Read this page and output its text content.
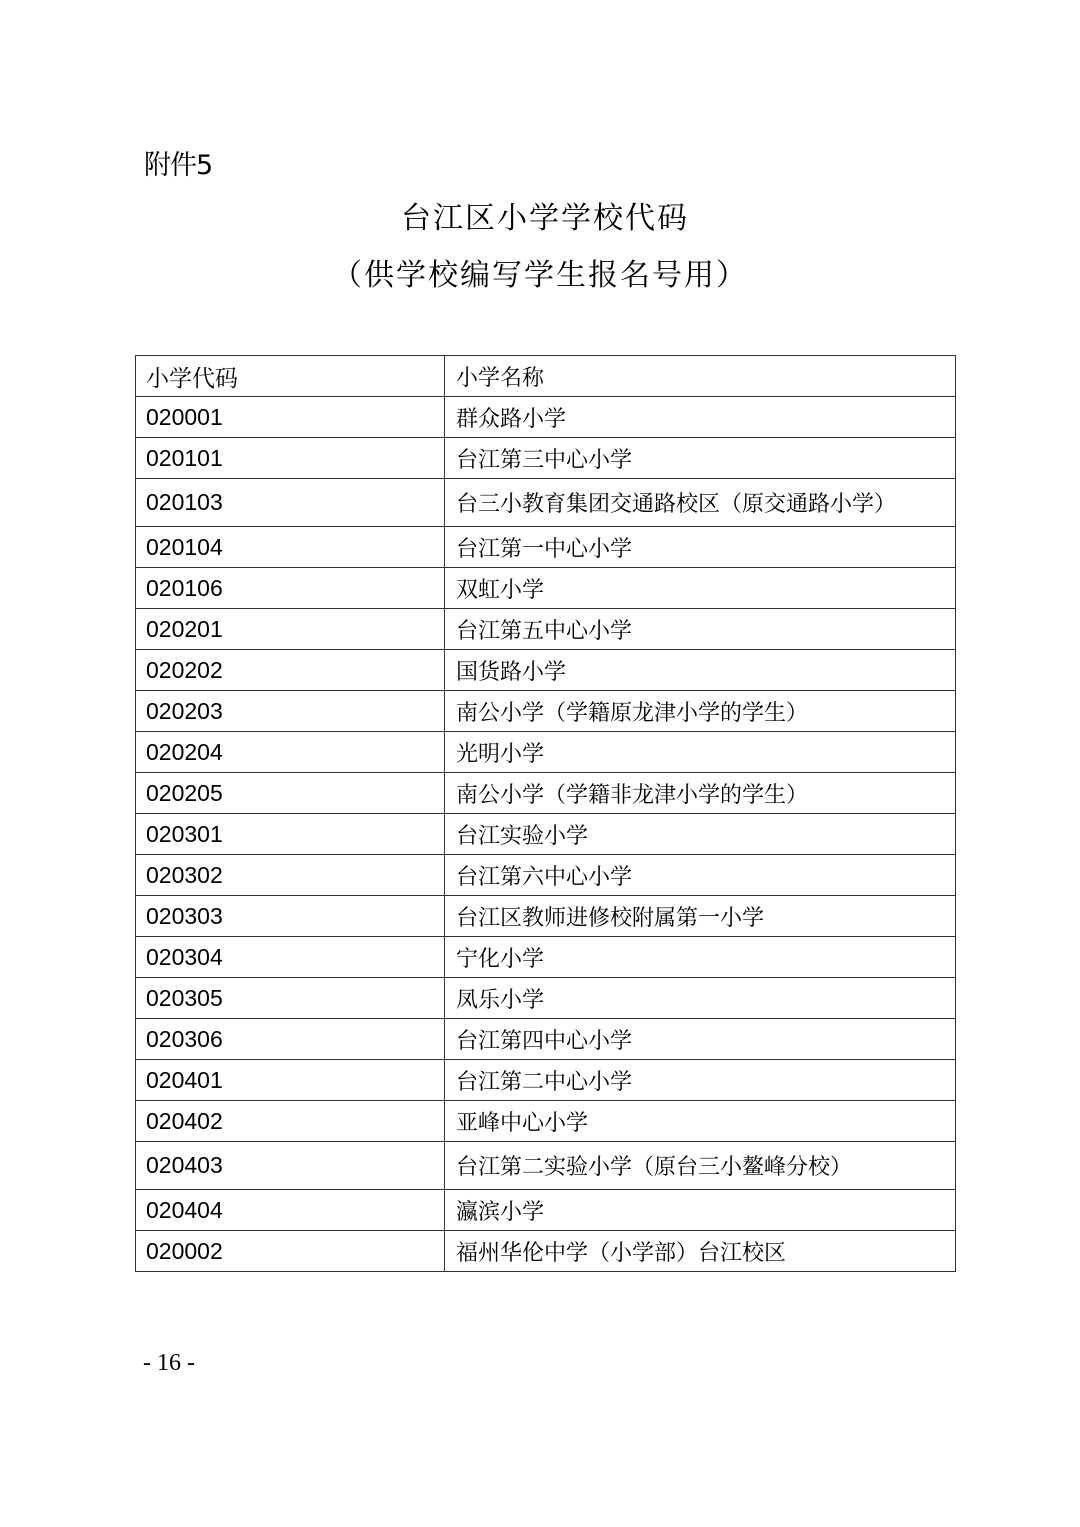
附件5
台江区小学学校代码
（供学校编写学生报名号用）
小学代码	小学名称
020001	群众路小学
020101	台江第三中心小学
020103	台三小教育集团交通路校区（原交通路小学）
020104	台江第一中心小学
020106	双虹小学
020201	台江第五中心小学
020202	国货路小学
020203	南公小学（学籍原龙津小学的学生）
020204	光明小学
020205	南公小学（学籍非龙津小学的学生）
020301	台江实验小学
020302	台江第六中心小学
020303	台江区教师进修校附属第一小学
020304	宁化小学
020305	凤乐小学
020306	台江第四中心小学
020401	台江第二中心小学
020402	亚峰中心小学
020403	台江第二实验小学（原台三小鳌峰分校）
020404	瀛滨小学
020002	福州华伦中学（小学部）台江校区
- 16 -
